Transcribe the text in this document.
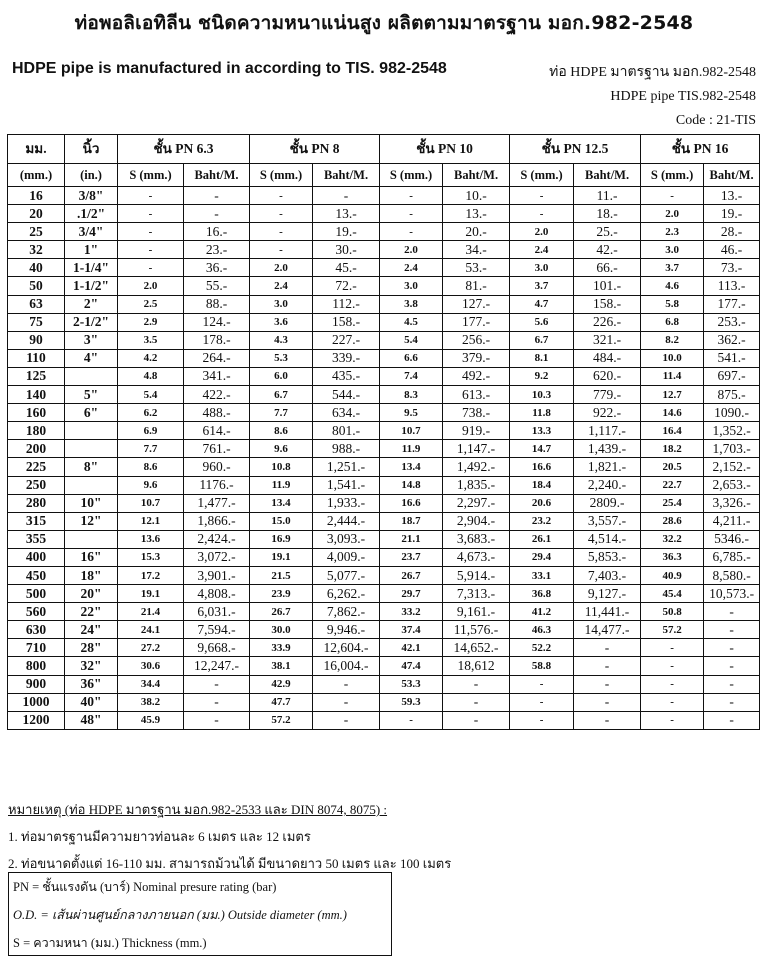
ท่อพอลิเอทิลีน ชนิดความหนาแน่นสูง ผลิตตามมาตรฐาน มอก.982-2548
HDPE pipe is manufactured in according to TIS. 982-2548	ท่อ HDPE มาตรฐาน มอก.982-2548
HDPE pipe TIS.982-2548
Code : 21-TIS
มม.	นิ้ว	ชั้น PN 6.3		ชั้น PN 8		ชั้น PN 10		ชั้น PN 12.5		ชั้น PN 16	
(mm.)	(in.)	S (mm.)	Baht/M.	S (mm.)	Baht/M.	S (mm.)	Baht/M.	S (mm.)	Baht/M.	S (mm.)	Baht/M.
16	3/8"	-	-	-	-	-	10.-	-	11.-	-	13.-
20	.1/2"	-	-	-	13.-	-	13.-	-	18.-	2.0	19.-
25	3/4"	-	16.-	-	19.-	-	20.-	2.0	25.-	2.3	28.-
32	1"	-	23.-	-	30.-	2.0	34.-	2.4	42.-	3.0	46.-
40	1-1/4"	-	36.-	2.0	45.-	2.4	53.-	3.0	66.-	3.7	73.-
50	1-1/2"	2.0	55.-	2.4	72.-	3.0	81.-	3.7	101.-	4.6	113.-
63	2"	2.5	88.-	3.0	112.-	3.8	127.-	4.7	158.-	5.8	177.-
75	2-1/2"	2.9	124.-	3.6	158.-	4.5	177.-	5.6	226.-	6.8	253.-
90	3"	3.5	178.-	4.3	227.-	5.4	256.-	6.7	321.-	8.2	362.-
110	4"	4.2	264.-	5.3	339.-	6.6	379.-	8.1	484.-	10.0	541.-
125		4.8	341.-	6.0	435.-	7.4	492.-	9.2	620.-	11.4	697.-
140	5"	5.4	422.-	6.7	544.-	8.3	613.-	10.3	779.-	12.7	875.-
160	6"	6.2	488.-	7.7	634.-	9.5	738.-	11.8	922.-	14.6	1090.-
180		6.9	614.-	8.6	801.-	10.7	919.-	13.3	1,117.-	16.4	1,352.-
200		7.7	761.-	9.6	988.-	11.9	1,147.-	14.7	1,439.-	18.2	1,703.-
225	8"	8.6	960.-	10.8	1,251.-	13.4	1,492.-	16.6	1,821.-	20.5	2,152.-
250		9.6	1176.-	11.9	1,541.-	14.8	1,835.-	18.4	2,240.-	22.7	2,653.-
280	10"	10.7	1,477.-	13.4	1,933.-	16.6	2,297.-	20.6	2809.-	25.4	3,326.-
315	12"	12.1	1,866.-	15.0	2,444.-	18.7	2,904.-	23.2	3,557.-	28.6	4,211.-
355		13.6	2,424.-	16.9	3,093.-	21.1	3,683.-	26.1	4,514.-	32.2	5346.-
400	16"	15.3	3,072.-	19.1	4,009.-	23.7	4,673.-	29.4	5,853.-	36.3	6,785.-
450	18"	17.2	3,901.-	21.5	5,077.-	26.7	5,914.-	33.1	7,403.-	40.9	8,580.-
500	20"	19.1	4,808.-	23.9	6,262.-	29.7	7,313.-	36.8	9,127.-	45.4	10,573.-
560	22"	21.4	6,031.-	26.7	7,862.-	33.2	9,161.-	41.2	11,441.-	50.8	-
630	24"	24.1	7,594.-	30.0	9,946.-	37.4	11,576.-	46.3	14,477.-	57.2	-
710	28"	27.2	9,668.-	33.9	12,604.-	42.1	14,652.-	52.2	-	-	-
800	32"	30.6	12,247.-	38.1	16,004.-	47.4	18,612	58.8	-	-	-
900	36"	34.4	-	42.9	-	53.3	-	-	-	-	-
1000	40"	38.2	-	47.7	-	59.3	-	-	-	-	-
1200	48"	45.9	-	57.2	-	-	-	-	-	-	-
หมายเหตุ (ท่อ HDPE มาตรฐาน มอก.982-2533 และ DIN 8074, 8075) :
1. ท่อมาตรฐานมีความยาวท่อนละ 6 เมตร และ 12 เมตร
2. ท่อขนาดตั้งแต่ 16-110 มม. สามารถม้วนได้ มีขนาดยาว 50 เมตร และ 100 เมตร
PN = ชั้นแรงดัน (บาร์) Nominal presure rating (bar)
O.D. = เส้นผ่านศูนย์กลางภายนอก (มม.) Outside diameter (mm.)
S = ความหนา (มม.) Thickness (mm.)
